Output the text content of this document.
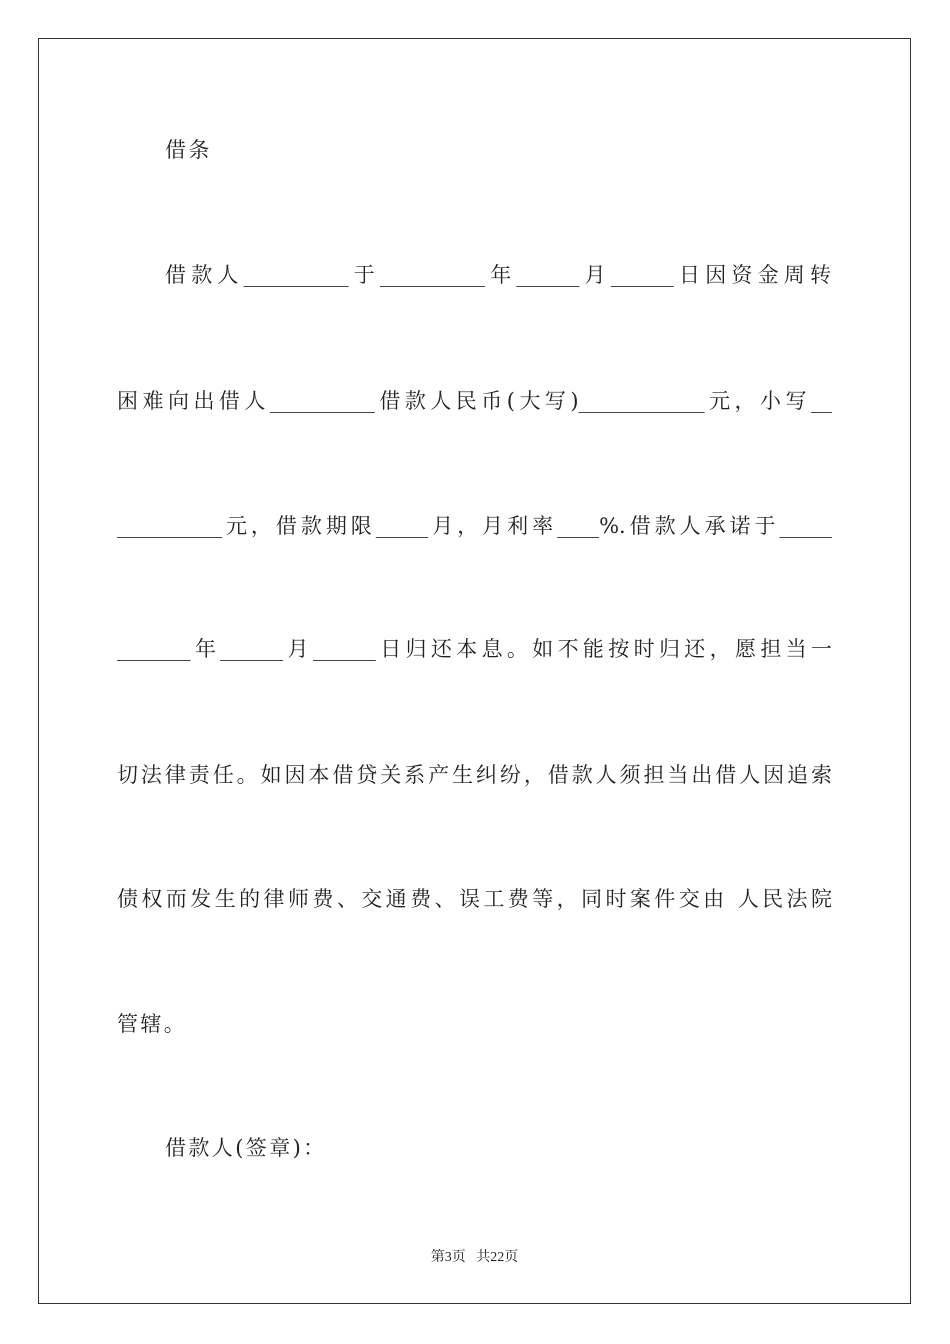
借条
借款人__________于__________年______月______日因资金周转
困难向出借人__________借款人民币(大写)____________元，小写__
__________元，借款期限_____月，月利率____%.借款人承诺于_____
_______年______月______日归还本息。如不能按时归还，愿担当一
切法律责任。如因本借贷关系产生纠纷，借款人须担当出借人因追索
债权而发生的律师费、交通费、误工费等，同时案件交由 人民法院
管辖。
借款人(签章)：
第3页   共22页
